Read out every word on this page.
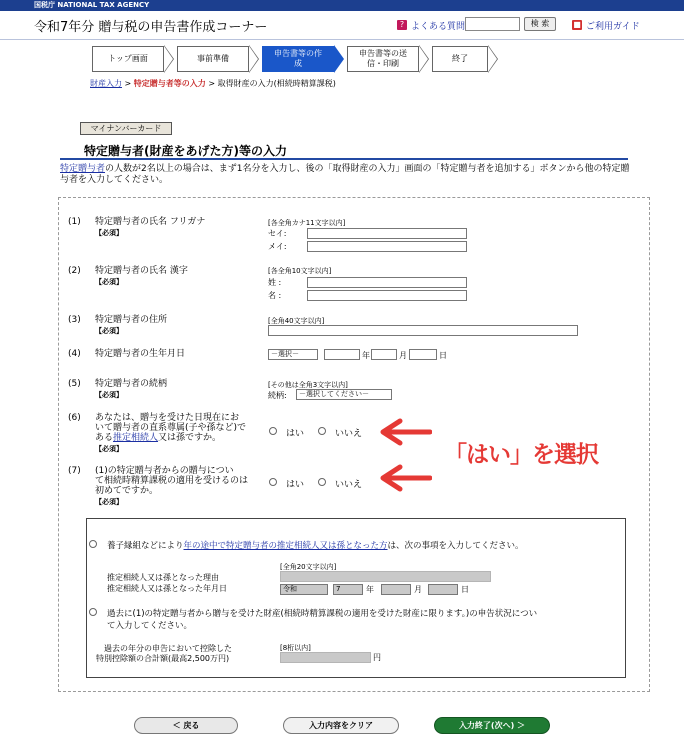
国税庁 NATIONAL TAX AGENCY
令和7年分 贈与税の申告書作成コーナー	? よくある質問	検 索	■ ご利用ガイド
トップ画面	事前準備
申告書等の作成
申告書等の送信・印刷
終了
財産入力 > 特定贈与者等の入力 > 取得財産の入力(相続時精算課税)
マイナンバーカード
特定贈与者(財産をあげた方)等の入力
特定贈与者の人数が2名以上の場合は、まず1名分を入力し、後の「取得財産の入力」画面の「特定贈与者を追加する」ボタンから他の特定贈与者を入力してください。
(1) 特定贈与者の氏名 フリガナ
【必須】
[各全角カナ11文字以内]
セイ:
メイ:
(2) 特定贈与者の氏名 漢字
【必須】
[各全角10文字以内]
姓 :
名 :
(3) 特定贈与者の住所
【必須】
[全角40文字以内]
(4) 特定贈与者の生年月日	－選択－	年	月	日
(5) 特定贈与者の続柄
【必須】
[その他は全角3文字以内]
続柄:	－選択してください－
(6) あなたは、贈与を受けた日現在にお
いて贈与者の直系尊属(子や孫など)で
ある推定相続人又は孫ですか。
【必須】
はい	いいえ
(7) (1)の特定贈与者からの贈与につい
て相続時精算課税の適用を受けるのは
初めてですか。
【必須】
はい	いいえ
「はい」を選択
養子縁組などにより年の途中で特定贈与者の推定相続人又は孫となった方は、次の事項を入力してください。
[全角20文字以内]
推定相続人又は孫となった理由
推定相続人又は孫となった年月日	令和	7	年	月	日
過去に(1)の特定贈与者から贈与を受けた財産(相続時精算課税の適用を受けた財産に限ります。)の申告状況につい
て入力してください。
過去の年分の申告において控除した
特別控除額の合計額(最高2,500万円)
[8桁以内]
円
＜ 戻る	入力内容をクリア	入力終了(次へ) ＞
